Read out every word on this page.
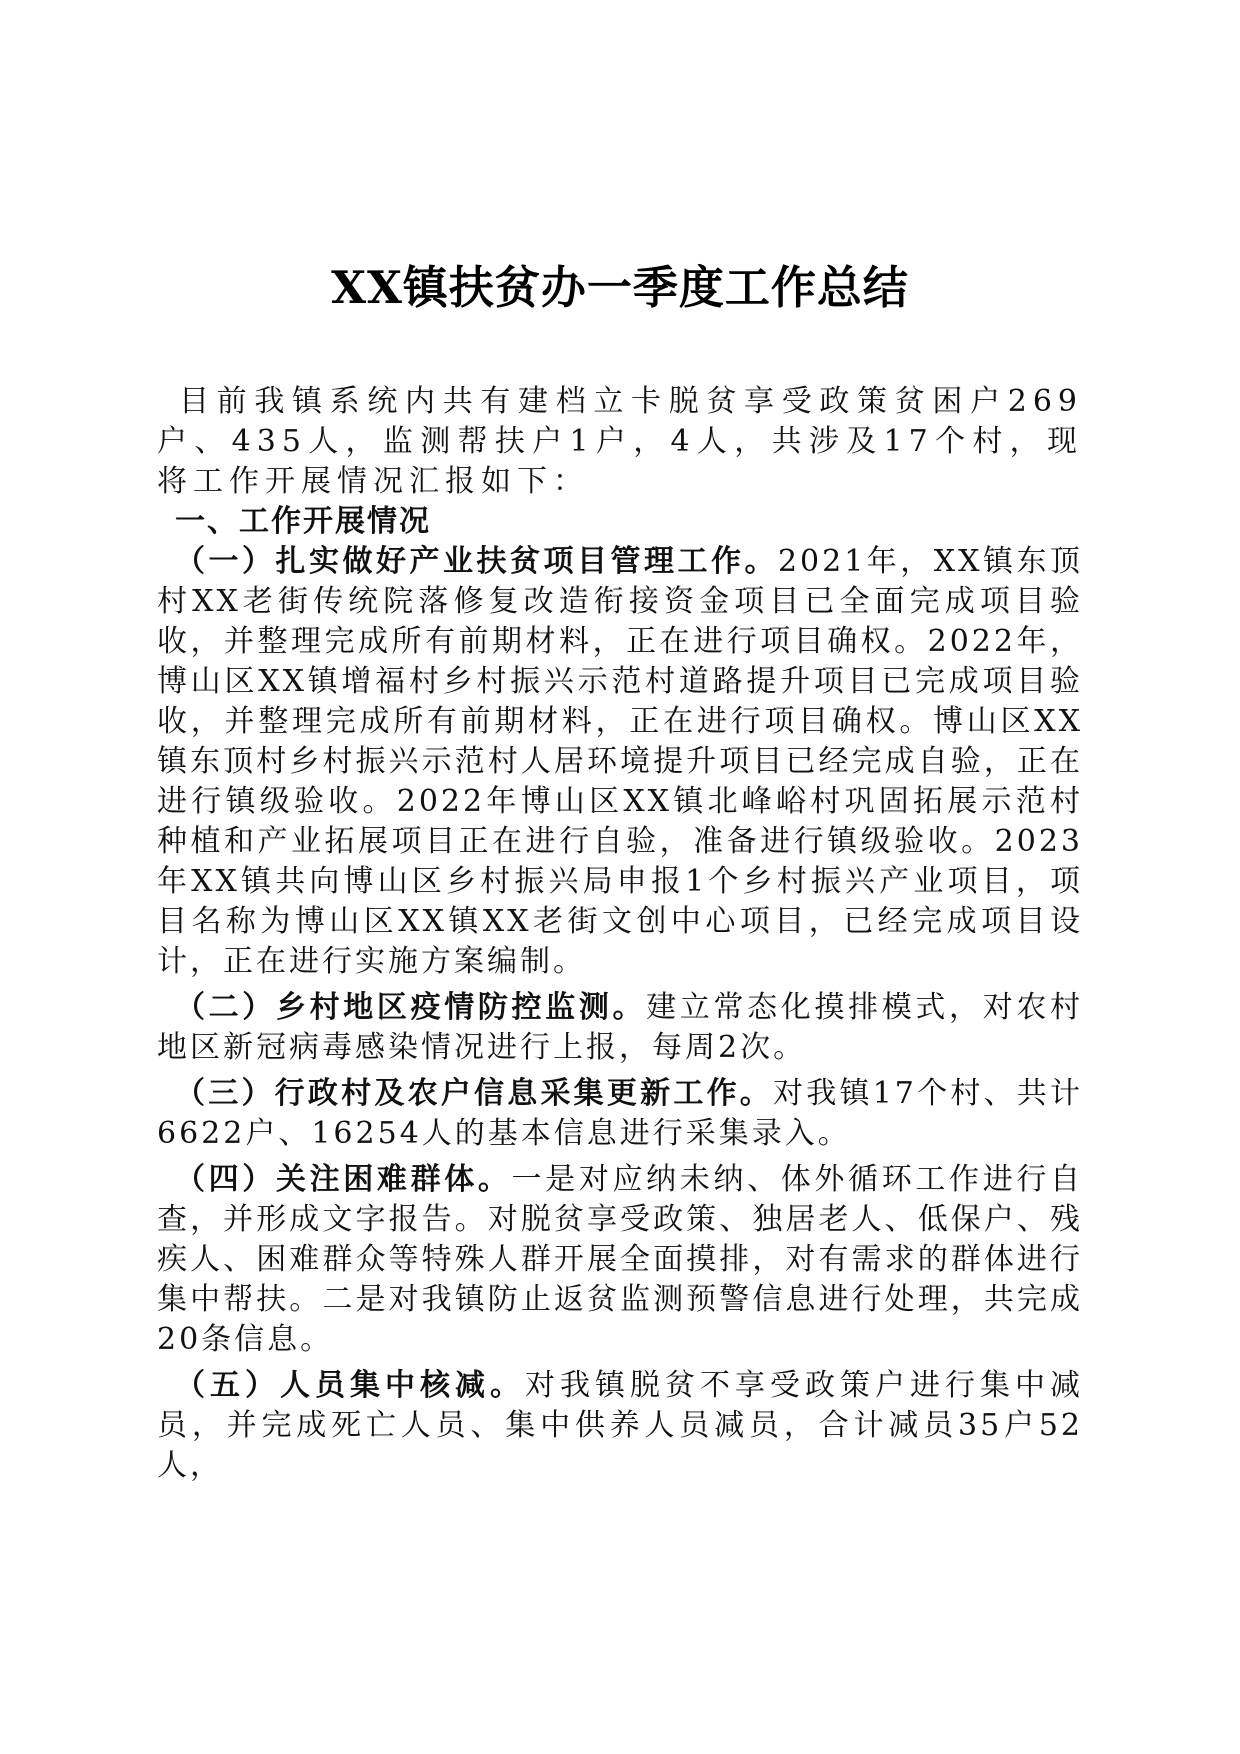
XX镇扶贫办一季度工作总结

目前我镇系统内共有建档立卡脱贫享受政策贫困户269户、435人，监测帮扶户1户，4人，共涉及17个村，现将工作开展情况汇报如下：

一、工作开展情况

（一）扎实做好产业扶贫项目管理工作。2021年，XX镇东顶村XX老街传统院落修复改造衔接资金项目已全面完成项目验收，并整理完成所有前期材料，正在进行项目确权。2022年，博山区XX镇增福村乡村振兴示范村道路提升项目已完成项目验收，并整理完成所有前期材料，正在进行项目确权。博山区XX镇东顶村乡村振兴示范村人居环境提升项目已经完成自验，正在进行镇级验收。2022年博山区XX镇北峰峪村巩固拓展示范村种植和产业拓展项目正在进行自验，准备进行镇级验收。2023年XX镇共向博山区乡村振兴局申报1个乡村振兴产业项目，项目名称为博山区XX镇XX老街文创中心项目，已经完成项目设计，正在进行实施方案编制。

（二）乡村地区疫情防控监测。建立常态化摸排模式，对农村地区新冠病毒感染情况进行上报，每周2次。

（三）行政村及农户信息采集更新工作。对我镇17个村、共计6622户、16254人的基本信息进行采集录入。

（四）关注困难群体。一是对应纳未纳、体外循环工作进行自查，并形成文字报告。对脱贫享受政策、独居老人、低保户、残疾人、困难群众等特殊人群开展全面摸排，对有需求的群体进行集中帮扶。二是对我镇防止返贫监测预警信息进行处理，共完成20条信息。

（五）人员集中核减。对我镇脱贫不享受政策户进行集中减员，并完成死亡人员、集中供养人员减员，合计减员35户52人，
